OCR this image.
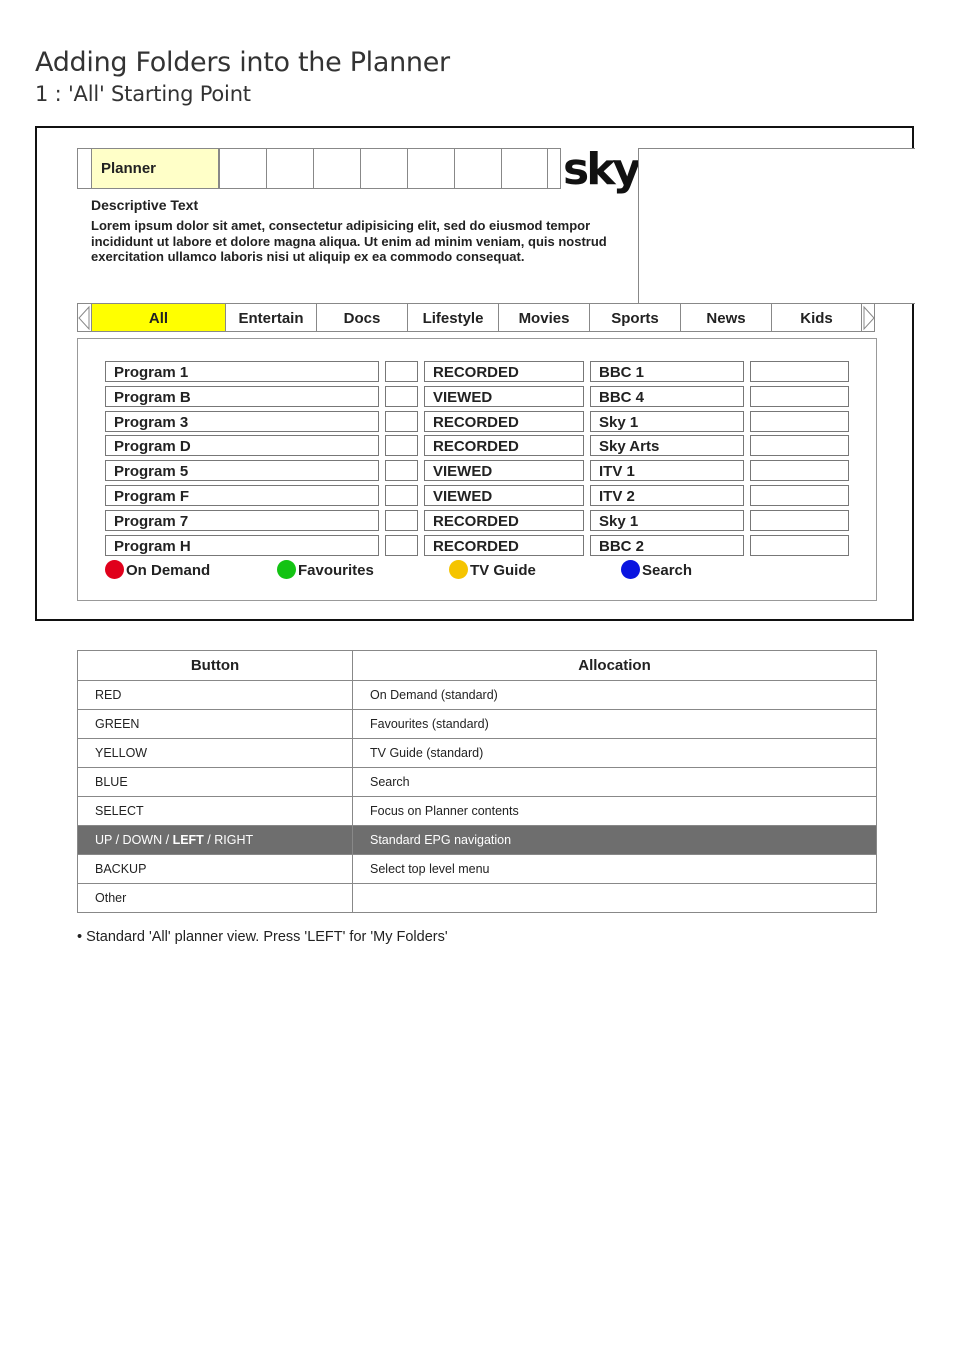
Adding Folders into the Planner
1 : 'All' Starting Point
Planner	sky
Descriptive Text
Lorem ipsum dolor sit amet, consectetur adipisicing elit, sed do eiusmod tempor incididunt ut labore et dolore magna aliqua. Ut enim ad minim veniam, quis nostrud exercitation ullamco laboris nisi ut aliquip ex ea commodo consequat.
All	Entertain	Docs	Lifestyle	Movies	Sports	News	Kids
Program 1	RECORDED	BBC 1
Program B	VIEWED	BBC 4
Program 3	RECORDED	Sky 1
Program D	RECORDED	Sky Arts
Program 5	VIEWED	ITV 1
Program F	VIEWED	ITV 2
Program 7	RECORDED	Sky 1
Program H	RECORDED	BBC 2
On Demand	Favourites	TV Guide	Search
Button	Allocation
RED	On Demand (standard)
GREEN	Favourites (standard)
YELLOW	TV Guide (standard)
BLUE	Search
SELECT	Focus on Planner contents
UP / DOWN / LEFT / RIGHT	Standard EPG navigation
BACKUP	Select top level menu
Other	
• Standard 'All' planner view. Press 'LEFT' for 'My Folders'
